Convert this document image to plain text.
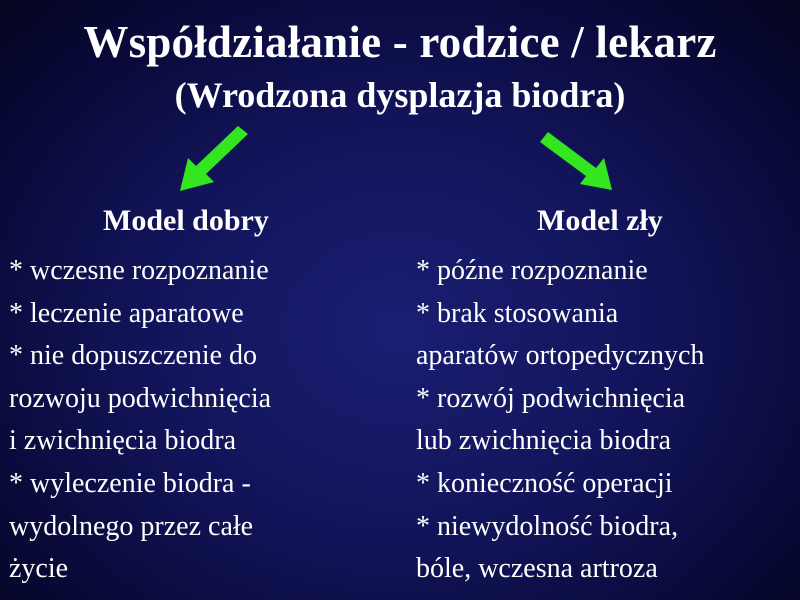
Współdziałanie - rodzice / lekarz
(Wrodzona dysplazja biodra)
Model dobry	Model zły
* wczesne rozpoznanie
* leczenie aparatowe
* nie dopuszczenie do
rozwoju podwichnięcia
i zwichnięcia biodra
* wyleczenie biodra -
wydolnego przez całe
życie
* późne rozpoznanie
* brak stosowania
aparatów ortopedycznych
* rozwój podwichnięcia
lub zwichnięcia biodra
* konieczność operacji
* niewydolność biodra,
bóle, wczesna artroza
